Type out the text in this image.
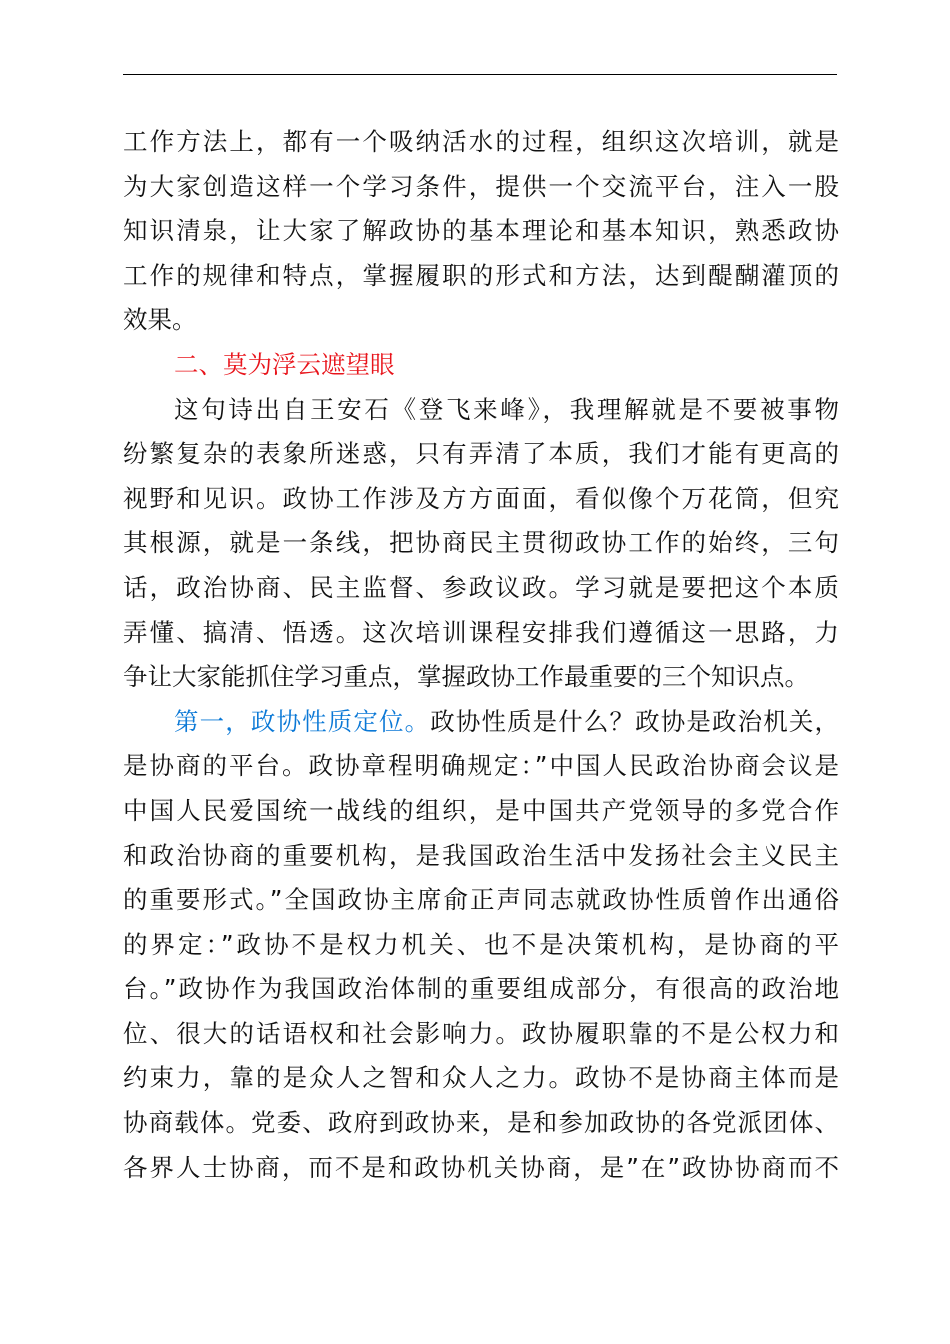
工作方法上，都有一个吸纳活水的过程，组织这次培训，就是
为大家创造这样一个学习条件，提供一个交流平台，注入一股
知识清泉，让大家了解政协的基本理论和基本知识，熟悉政协
工作的规律和特点，掌握履职的形式和方法，达到醍醐灌顶的
效果。
二、莫为浮云遮望眼
这句诗出自王安石《登飞来峰》，我理解就是不要被事物
纷繁复杂的表象所迷惑，只有弄清了本质，我们才能有更高的
视野和见识。政协工作涉及方方面面，看似像个万花筒，但究
其根源，就是一条线，把协商民主贯彻政协工作的始终，三句
话，政治协商、民主监督、参政议政。学习就是要把这个本质
弄懂、搞清、悟透。这次培训课程安排我们遵循这一思路，力
争让大家能抓住学习重点，掌握政协工作最重要的三个知识点。
第一，政协性质定位。政协性质是什么？政协是政治机关，
是协商的平台。政协章程明确规定：”中国人民政治协商会议是
中国人民爱国统一战线的组织，是中国共产党领导的多党合作
和政治协商的重要机构，是我国政治生活中发扬社会主义民主
的重要形式。”全国政协主席俞正声同志就政协性质曾作出通俗
的界定：”政协不是权力机关、也不是决策机构，是协商的平
台。”政协作为我国政治体制的重要组成部分，有很高的政治地
位、很大的话语权和社会影响力。政协履职靠的不是公权力和
约束力，靠的是众人之智和众人之力。政协不是协商主体而是
协商载体。党委、政府到政协来，是和参加政协的各党派团体、
各界人士协商，而不是和政协机关协商，是”在”政协协商而不
